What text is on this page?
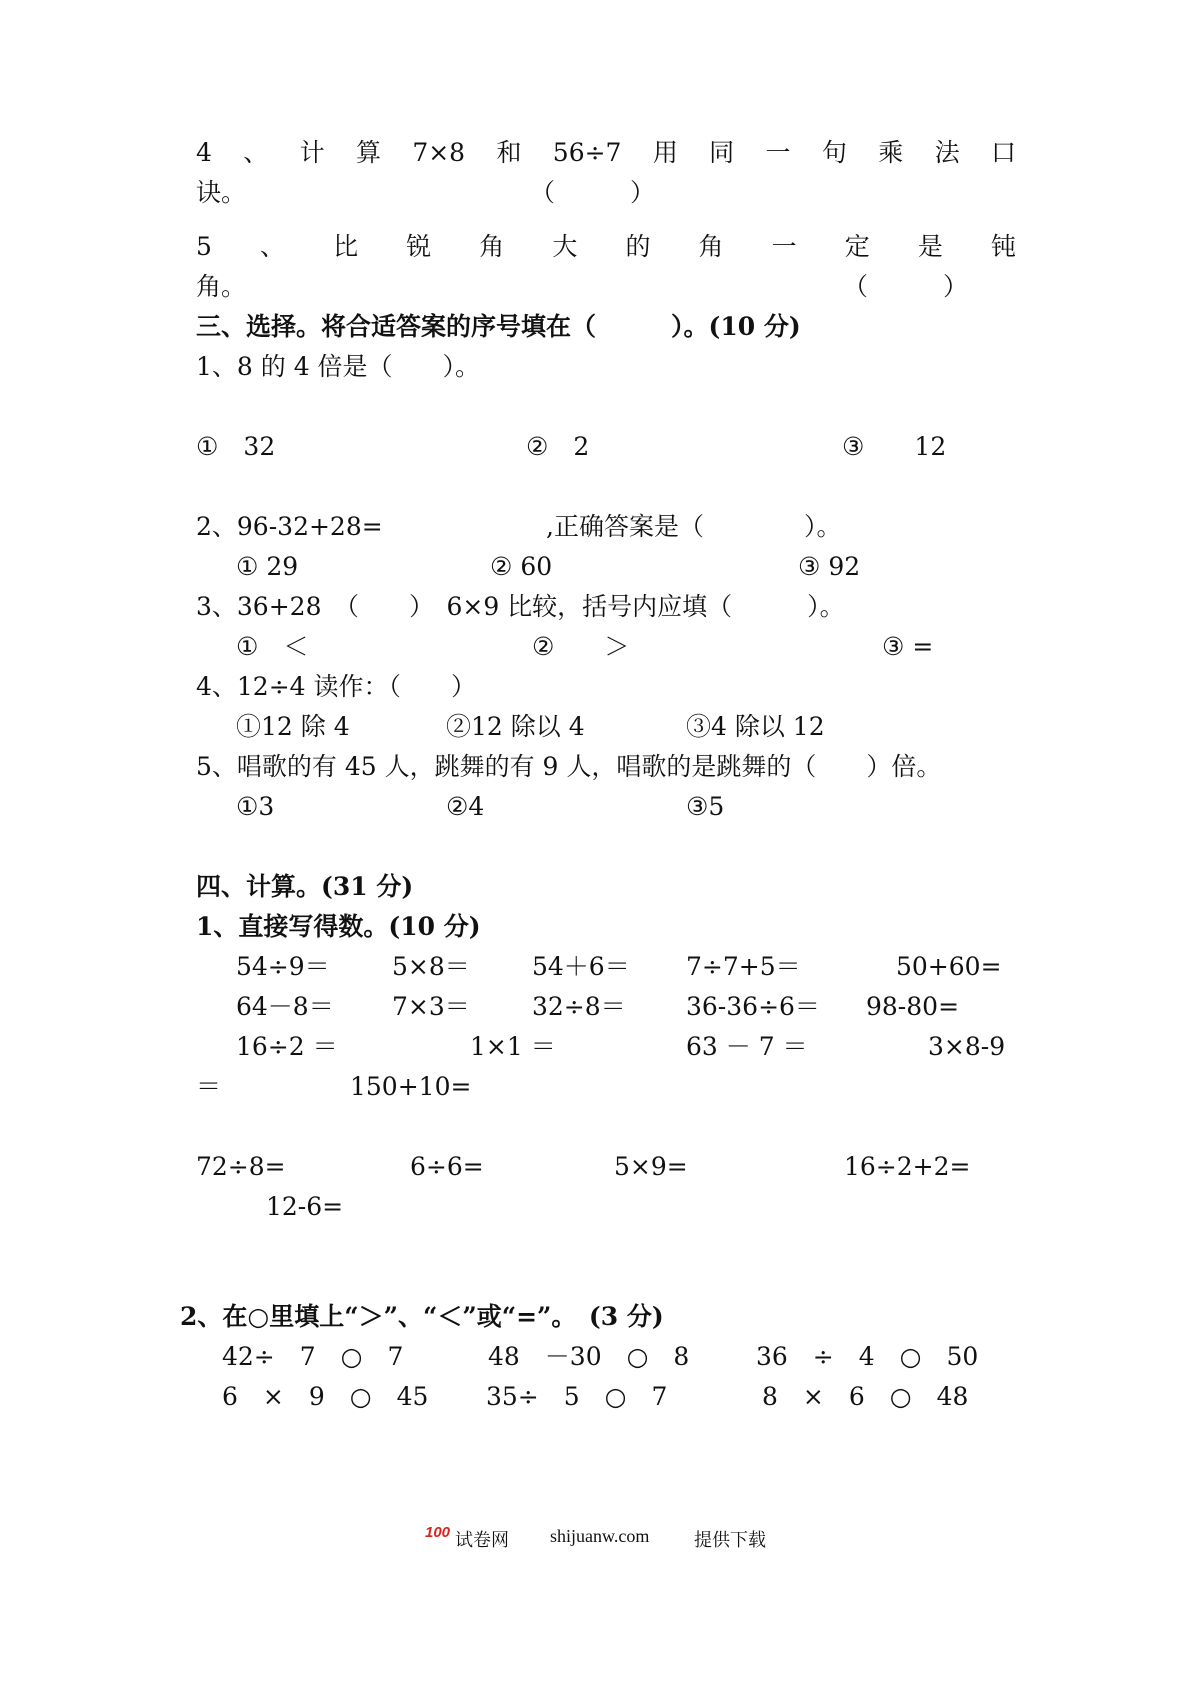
4 、 计 算 7×8 和 56÷7 用 同 一 句 乘 法 口
诀。	（　　　）
5 、 比 锐 角 大 的 角 一 定 是 钝
角。	（　　　）
三、选择。将合适答案的序号填在（　　　）。(10 分)
1、8 的 4 倍是（　　）。
①　32	②　2	③　　12
2、96-32+28=	,正确答案是（　　　　）。
① 29	② 60	③ 92
3、36+28　（　　）　6×9 比较，括号内应填（　　　）。
①　＜	②　　＞	③ =
4、12÷4 读作：（　　）
①12 除 4	②12 除以 4	③4 除以 12
5、唱歌的有 45 人，跳舞的有 9 人，唱歌的是跳舞的（　　）倍。
①3	②4	③5
四、计算。(31 分)
1、直接写得数。(10 分)
54÷9＝ 5×8＝ 54＋6＝ 7÷7+5＝	50+60=
64－8＝ 7×3＝ 32÷8＝ 36-36÷6＝ 98-80=
16÷2 ＝	1×1 ＝	63 － 7 ＝	3×8-9
＝	150+10=
72÷8=	6÷6=	5×9=	16÷2+2=
12-6=
2、在○里填上“＞”、“＜”或“=”。　(3 分)
42÷　7　○　7	48　－30　○　8	36　÷　4　○　50
6　×　9　○　45 35÷　5　○　7	8　×　6　○　48
100 试卷网 shijuanw.com 提供下载
